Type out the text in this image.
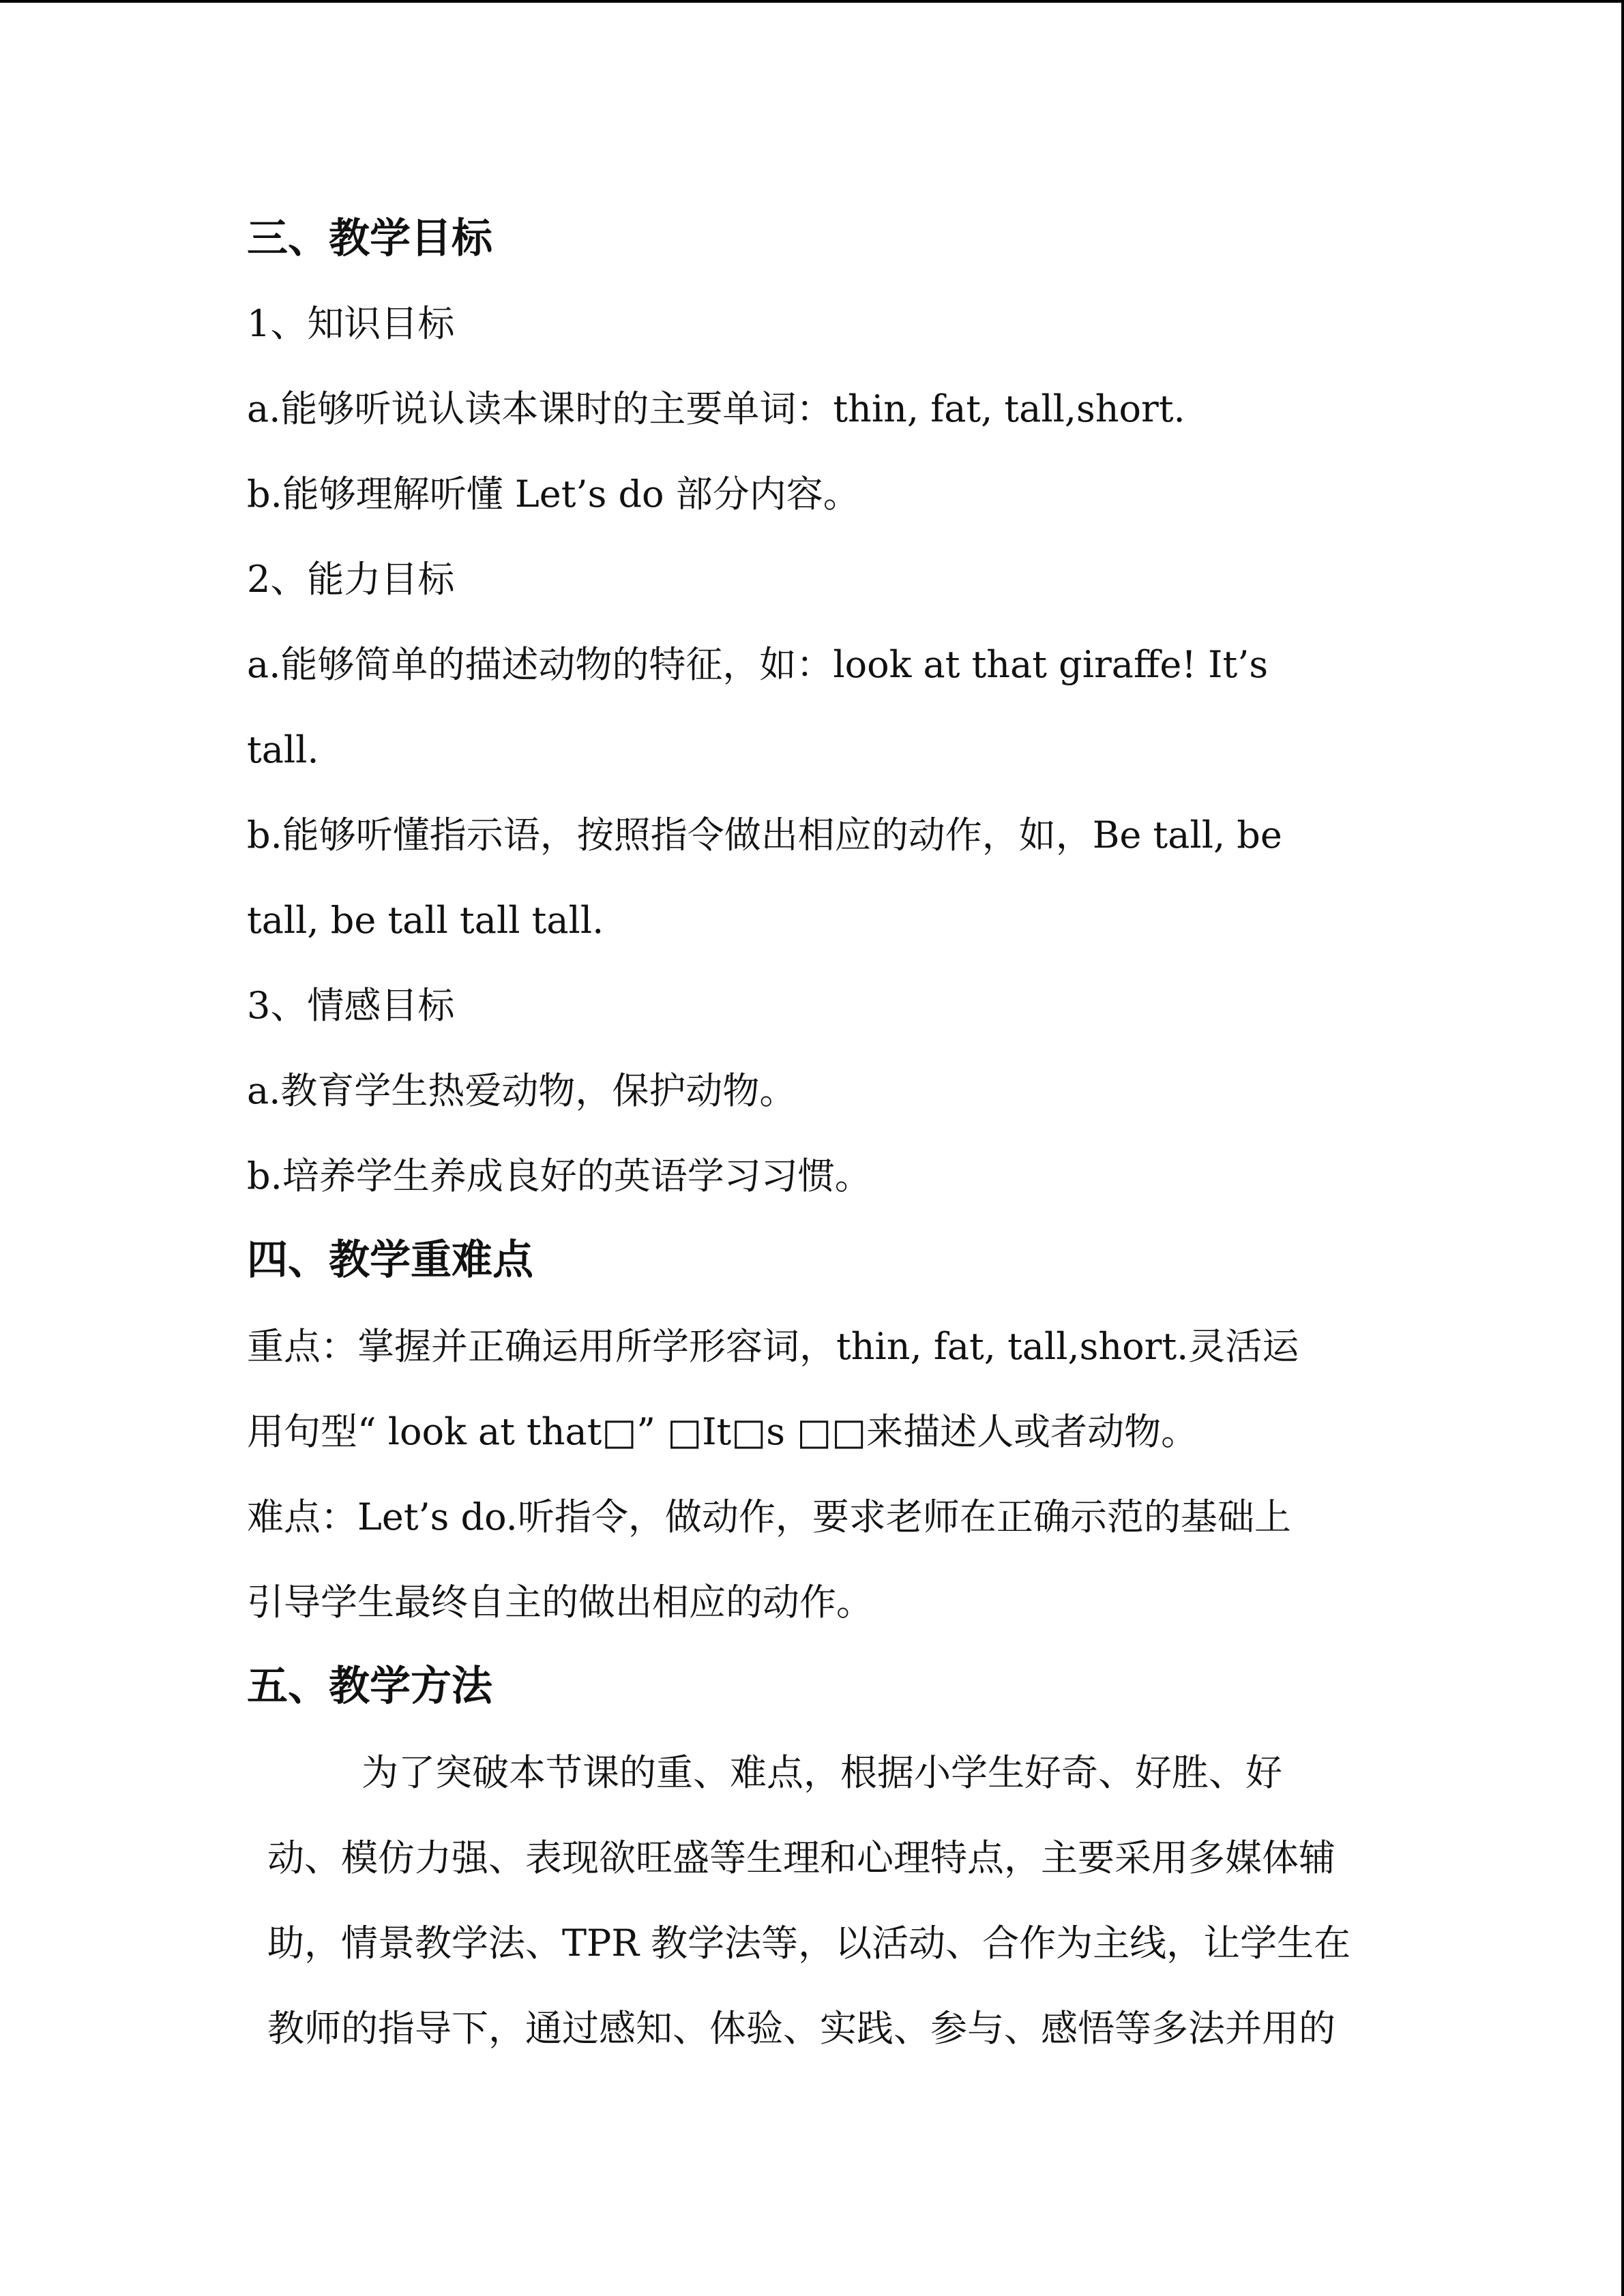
三、教学目标
1、知识目标
a.能够听说认读本课时的主要单词：thin, fat, tall,short.
b.能够理解听懂 Let’s do 部分内容。
2、能力目标
a.能够简单的描述动物的特征，如：look at that giraffe! It’s
tall.
b.能够听懂指示语，按照指令做出相应的动作，如，Be tall, be
tall, be tall tall tall.
3、情感目标
a.教育学生热爱动物，保护动物。
b.培养学生养成良好的英语学习习惯。
四、教学重难点
重点：掌握并正确运用所学形容词，thin, fat, tall,short.灵活运
用句型“ look at that□” □It□s □□来描述人或者动物。
难点：Let’s do.听指令，做动作，要求老师在正确示范的基础上
引导学生最终自主的做出相应的动作。
五、教学方法
为了突破本节课的重、难点，根据小学生好奇、好胜、好
动、模仿力强、表现欲旺盛等生理和心理特点，主要采用多媒体辅
助，情景教学法、TPR 教学法等，以活动、合作为主线，让学生在
教师的指导下，通过感知、体验、实践、参与、感悟等多法并用的
